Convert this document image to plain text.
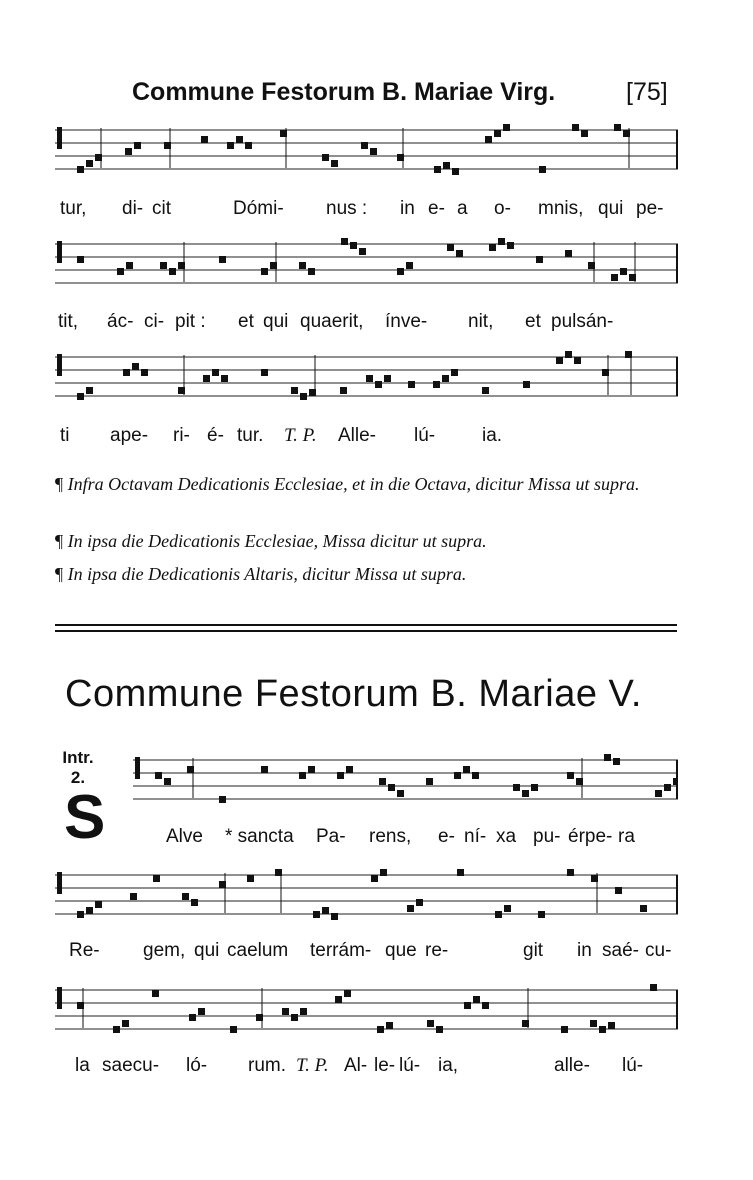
Commune Festorum B. Mariae Virg.	[75]
tur, di- cit	Dómi- nus : in e- a o- mnis, qui pe-
tit, ác- ci- pit : et qui quaerit, ínve- nit, et pulsán-
ti ape- ri- é- tur. T. P. Alle- lú- ia.
¶ Infra Octavam Dedicationis Ecclesiae, et in die Octava, dicitur Missa ut supra.
¶ In ipsa die Dedicationis Ecclesiae, Missa dicitur ut supra.
¶ In ipsa die Dedicationis Altaris, dicitur Missa ut supra.
Commune Festorum B. Mariae V.
Intr.
2.
S	Alve * sancta Pa- rens, e- ní- xa pu- érpe- ra
Re- gem, qui caelum terrám- que re-	git in saé- cu-
la saecu- ló- rum. T. P. Al- le- lú- ia,	alle- lú-
